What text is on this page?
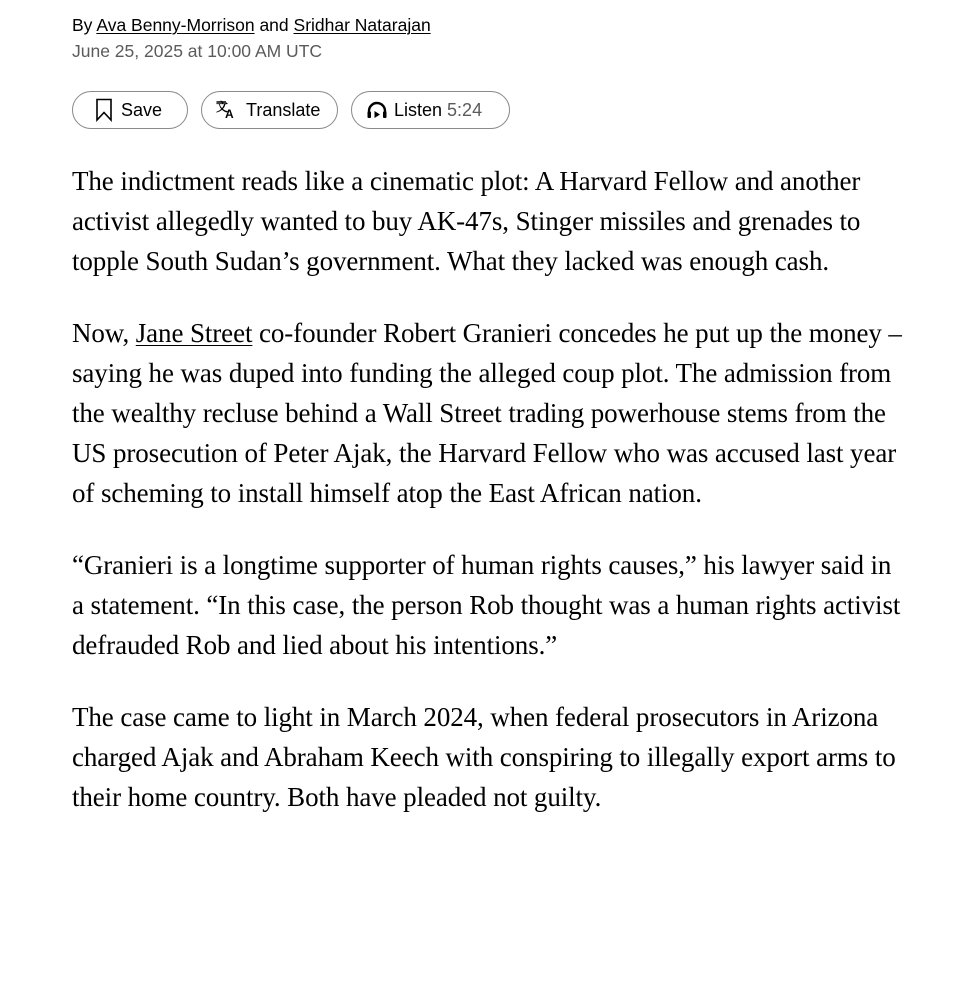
By Ava Benny-Morrison and Sridhar Natarajan

June 25, 2025 at 10:00 AM UTC

Save	文
A Translate	Listen 5:24

The indictment reads like a cinematic plot: A Harvard Fellow and another activist allegedly wanted to buy AK-47s, Stinger missiles and grenades to topple South Sudan’s government. What they lacked was enough cash.

Now, Jane Street co-founder Robert Granieri concedes he put up the money – saying he was duped into funding the alleged coup plot. The admission from the wealthy recluse behind a Wall Street trading powerhouse stems from the US prosecution of Peter Ajak, the Harvard Fellow who was accused last year of scheming to install himself atop the East African nation.

“Granieri is a longtime supporter of human rights causes,” his lawyer said in a statement. “In this case, the person Rob thought was a human rights activist defrauded Rob and lied about his intentions.”

The case came to light in March 2024, when federal prosecutors in Arizona charged Ajak and Abraham Keech with conspiring to illegally export arms to their home country. Both have pleaded not guilty.
